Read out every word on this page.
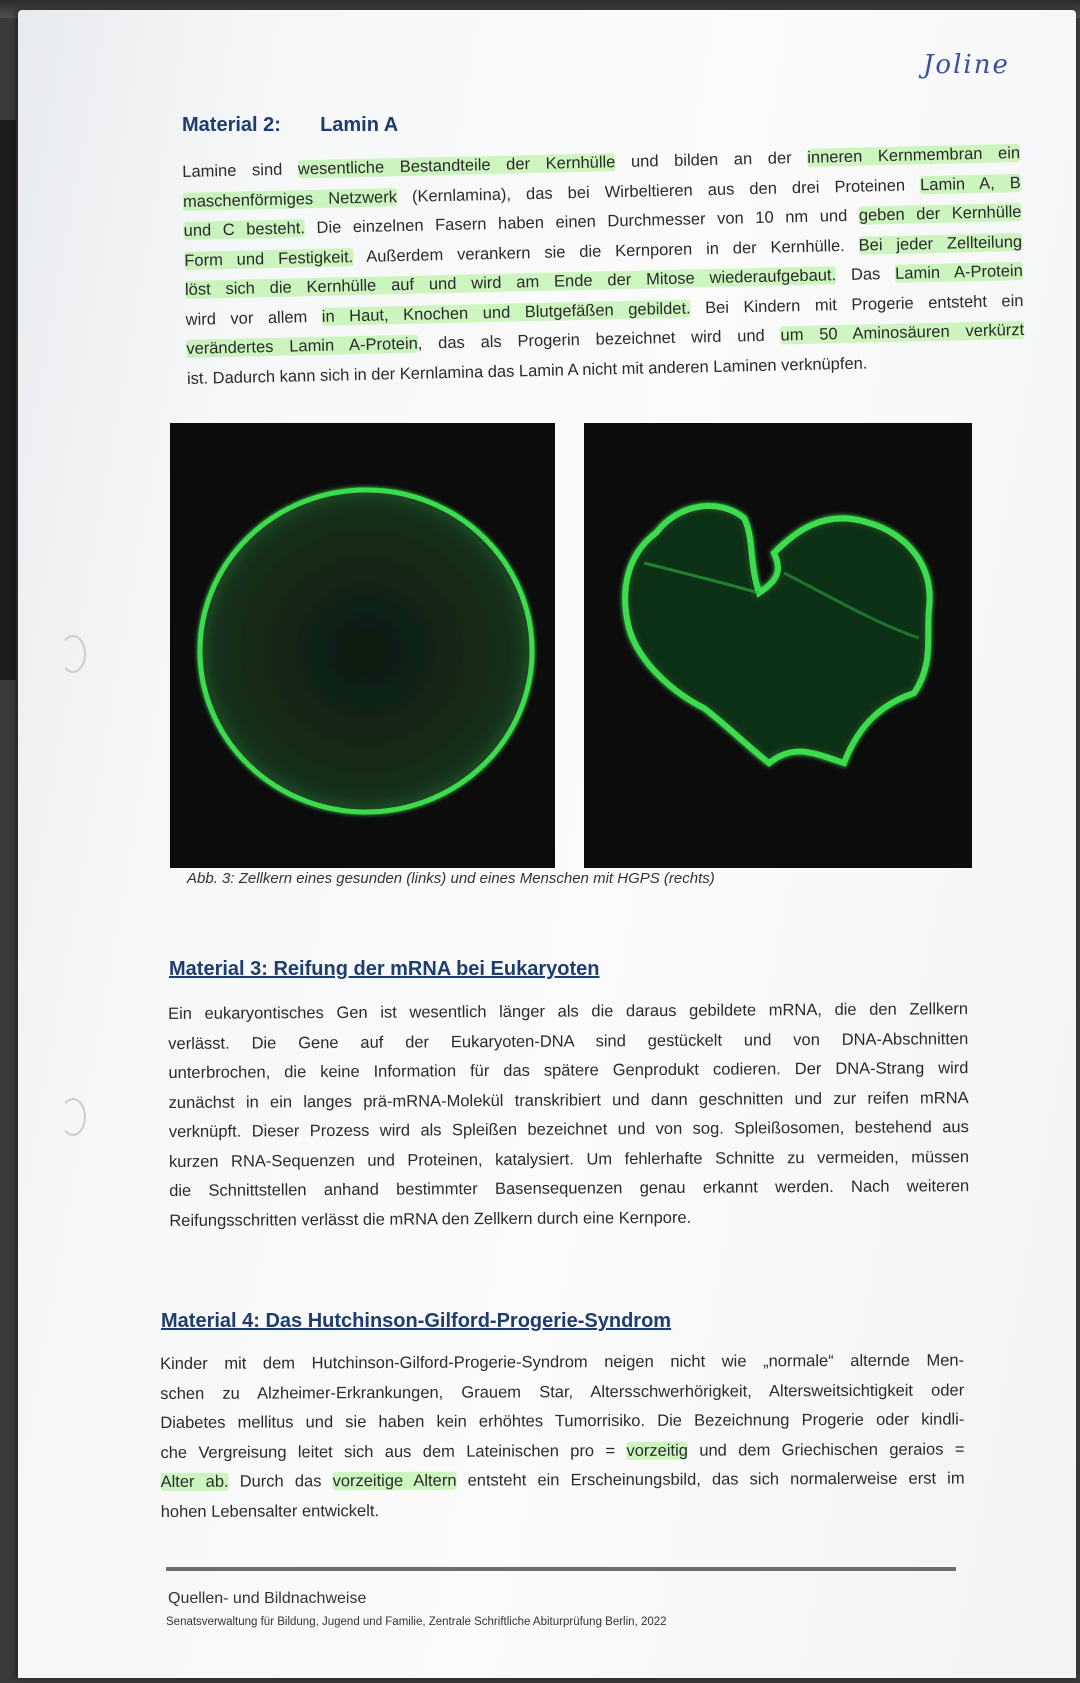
Joline
Material 2: Lamin A
Lamine sind wesentliche Bestandteile der Kernhülle und bilden an der inneren Kernmembran ein
maschenförmiges Netzwerk (Kernlamina), das bei Wirbeltieren aus den drei Proteinen Lamin A, B
und C besteht. Die einzelnen Fasern haben einen Durchmesser von 10 nm und geben der Kernhülle
Form und Festigkeit. Außerdem verankern sie die Kernporen in der Kernhülle. Bei jeder Zellteilung
löst sich die Kernhülle auf und wird am Ende der Mitose wiederaufgebaut. Das Lamin A-Protein
wird vor allem in Haut, Knochen und Blutgefäßen gebildet. Bei Kindern mit Progerie entsteht ein
verändertes Lamin A-Protein, das als Progerin bezeichnet wird und um 50 Aminosäuren verkürzt
ist. Dadurch kann sich in der Kernlamina das Lamin A nicht mit anderen Laminen verknüpfen.
Abb. 3: Zellkern eines gesunden (links) und eines Menschen mit HGPS (rechts)
Material 3: Reifung der mRNA bei Eukaryoten
Ein eukaryontisches Gen ist wesentlich länger als die daraus gebildete mRNA, die den Zellkern
verlässt. Die Gene auf der Eukaryoten-DNA sind gestückelt und von DNA-Abschnitten
unterbrochen, die keine Information für das spätere Genprodukt codieren. Der DNA-Strang wird
zunächst in ein langes prä-mRNA-Molekül transkribiert und dann geschnitten und zur reifen mRNA
verknüpft. Dieser Prozess wird als Spleißen bezeichnet und von sog. Spleißosomen, bestehend aus
kurzen RNA-Sequenzen und Proteinen, katalysiert. Um fehlerhafte Schnitte zu vermeiden, müssen
die Schnittstellen anhand bestimmter Basensequenzen genau erkannt werden. Nach weiteren
Reifungsschritten verlässt die mRNA den Zellkern durch eine Kernpore.
Material 4: Das Hutchinson-Gilford-Progerie-Syndrom
Kinder mit dem Hutchinson-Gilford-Progerie-Syndrom neigen nicht wie „normale“ alternde Men-
schen zu Alzheimer-Erkrankungen, Grauem Star, Altersschwerhörigkeit, Altersweitsichtigkeit oder
Diabetes mellitus und sie haben kein erhöhtes Tumorrisiko. Die Bezeichnung Progerie oder kindli-
che Vergreisung leitet sich aus dem Lateinischen pro = vorzeitig und dem Griechischen geraios =
Alter ab. Durch das vorzeitige Altern entsteht ein Erscheinungsbild, das sich normalerweise erst im
hohen Lebensalter entwickelt.
Quellen- und Bildnachweise
Senatsverwaltung für Bildung, Jugend und Familie, Zentrale Schriftliche Abiturprüfung Berlin, 2022
